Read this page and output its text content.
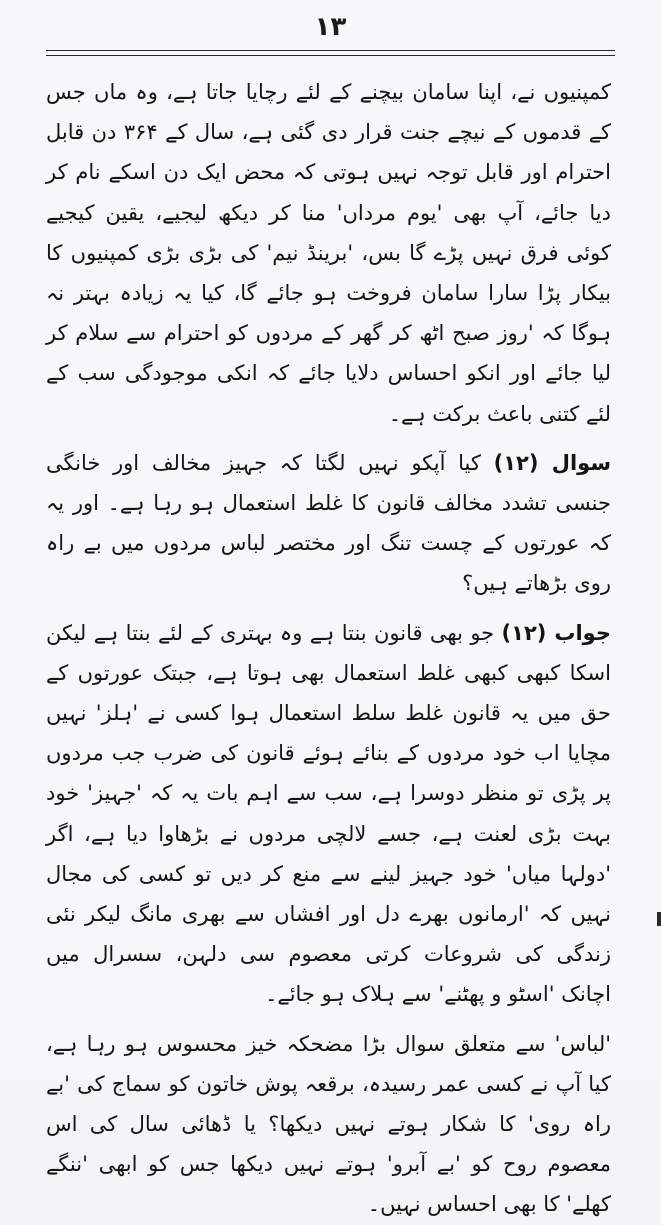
۱۳

کمپنیوں نے، اپنا سامان بیچنے کے لئے رچایا جاتا ہے، وہ ماں جس کے قدموں کے نیچے جنت قرار دی گئی ہے، سال کے ۳۶۴ دن قابل احترام اور قابل توجہ نہیں ہوتی کہ محض ایک دن اسکے نام کر دیا جائے، آپ بھی 'یوم مرداں' منا کر دیکھ لیجیے، یقین کیجیے کوئی فرق نہیں پڑے گا بس، 'برینڈ نیم' کی بڑی بڑی کمپنیوں کا بیکار پڑا سارا سامان فروخت ہو جائے گا، کیا یہ زیادہ بہتر نہ ہوگا کہ 'روز صبح اٹھ کر گھر کے مردوں کو احترام سے سلام کر لیا جائے اور انکو احساس دلایا جائے کہ انکی موجودگی سب کے لئے کتنی باعث برکت ہے۔

سوال (۱۲) کیا آپکو نہیں لگتا کہ جہیز مخالف اور خانگی جنسی تشدد مخالف قانون کا غلط استعمال ہو رہا ہے۔ اور یہ کہ عورتوں کے چست تنگ اور مختصر لباس مردوں میں بے راہ روی بڑھاتے ہیں؟

جواب (۱۲) جو بھی قانون بنتا ہے وہ بہتری کے لئے بنتا ہے لیکن اسکا کبھی کبھی غلط استعمال بھی ہوتا ہے، جبتک عورتوں کے حق میں یہ قانون غلط سلط استعمال ہوا کسی نے 'ہلز' نہیں مچایا اب خود مردوں کے بنائے ہوئے قانون کی ضرب جب مردوں پر پڑی تو منظر دوسرا ہے، سب سے اہم بات یہ کہ 'جہیز' خود بہت بڑی لعنت ہے، جسے لالچی مردوں نے بڑھاوا دیا ہے، اگر 'دولہا میاں' خود جہیز لینے سے منع کر دیں تو کسی کی مجال نہیں کہ 'ارمانوں بھرے دل اور افشاں سے بھری مانگ لیکر نئی زندگی کی شروعات کرتی معصوم سی دلہن، سسرال میں اچانک 'اسٹو و پھٹنے' سے ہلاک ہو جائے۔

'لباس' سے متعلق سوال بڑا مضحکہ خیز محسوس ہو رہا ہے، کیا آپ نے کسی عمر رسیدہ، برقعہ پوش خاتون کو سماج کی 'بے راہ روی' کا شکار ہوتے نہیں دیکھا؟ یا ڈھائی سال کی اس معصوم روح کو 'بے آبرو' ہوتے نہیں دیکھا جس کو ابھی 'ننگے کھلے' کا بھی احساس نہیں۔
